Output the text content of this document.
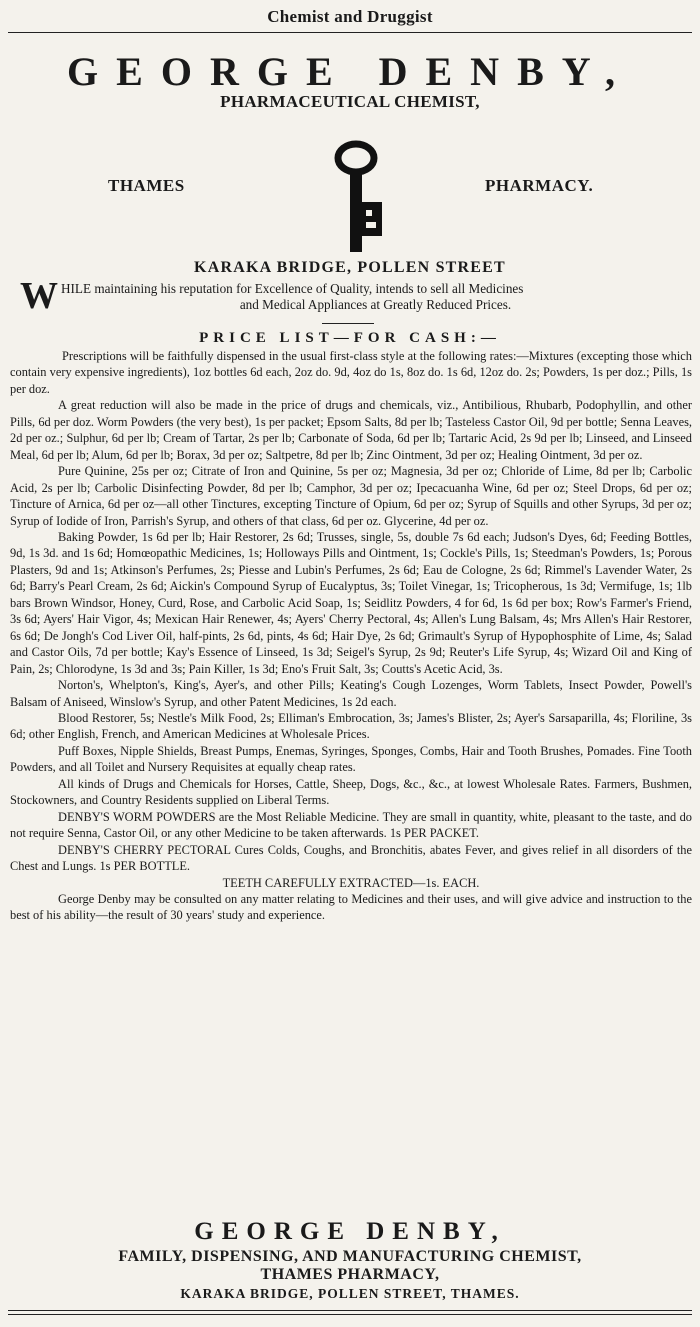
Chemist and Druggist
GEORGE DENBY,
PHARMACEUTICAL CHEMIST,
THAMES	PHARMACY.
KARAKA BRIDGE, POLLEN STREET
W HILE maintaining his reputation for Excellence of Quality, intends to sell all Medicines
and Medical Appliances at Greatly Reduced Prices.
PRICE LIST—FOR CASH:—

Prescriptions will be faithfully dispensed in the usual first-class style at the following rates:—Mixtures (excepting those which contain very expensive ingredients), 1oz bottles 6d each, 2oz do. 9d, 4oz do 1s, 8oz do. 1s 6d, 12oz do. 2s; Powders, 1s per doz.; Pills, 1s per doz.

A great reduction will also be made in the price of drugs and chemicals, viz., Antibilious, Rhubarb, Podophyllin, and other Pills, 6d per doz. Worm Powders (the very best), 1s per packet; Epsom Salts, 8d per lb; Tasteless Castor Oil, 9d per bottle; Senna Leaves, 2d per oz.; Sulphur, 6d per lb; Cream of Tartar, 2s per lb; Carbonate of Soda, 6d per lb; Tartaric Acid, 2s 9d per lb; Linseed, and Linseed Meal, 6d per lb; Alum, 6d per lb; Borax, 3d per oz; Saltpetre, 8d per lb; Zinc Ointment, 3d per oz; Healing Ointment, 3d per oz.

Pure Quinine, 25s per oz; Citrate of Iron and Quinine, 5s per oz; Magnesia, 3d per oz; Chloride of Lime, 8d per lb; Carbolic Acid, 2s per lb; Carbolic Disinfecting Powder, 8d per lb; Camphor, 3d per oz; Ipecacuanha Wine, 6d per oz; Steel Drops, 6d per oz; Tincture of Arnica, 6d per oz—all other Tinctures, excepting Tincture of Opium, 6d per oz; Syrup of Squills and other Syrups, 3d per oz; Syrup of Iodide of Iron, Parrish's Syrup, and others of that class, 6d per oz. Glycerine, 4d per oz.

Baking Powder, 1s 6d per lb; Hair Restorer, 2s 6d; Trusses, single, 5s, double 7s 6d each; Judson's Dyes, 6d; Feeding Bottles, 9d, 1s 3d. and 1s 6d; Homœopathic Medicines, 1s; Holloways Pills and Ointment, 1s; Cockle's Pills, 1s; Steedman's Powders, 1s; Porous Plasters, 9d and 1s; Atkinson's Perfumes, 2s; Piesse and Lubin's Perfumes, 2s 6d; Eau de Cologne, 2s 6d; Rimmel's Lavender Water, 2s 6d; Barry's Pearl Cream, 2s 6d; Aickin's Compound Syrup of Eucalyptus, 3s; Toilet Vinegar, 1s; Tricopherous, 1s 3d; Vermifuge, 1s; 1lb bars Brown Windsor, Honey, Curd, Rose, and Carbolic Acid Soap, 1s; Seidlitz Powders, 4 for 6d, 1s 6d per box; Row's Farmer's Friend, 3s 6d; Ayers' Hair Vigor, 4s; Mexican Hair Renewer, 4s; Ayers' Cherry Pectoral, 4s; Allen's Lung Balsam, 4s; Mrs Allen's Hair Restorer, 6s 6d; De Jongh's Cod Liver Oil, half-pints, 2s 6d, pints, 4s 6d; Hair Dye, 2s 6d; Grimault's Syrup of Hypophosphite of Lime, 4s; Salad and Castor Oils, 7d per bottle; Kay's Essence of Linseed, 1s 3d; Seigel's Syrup, 2s 9d; Reuter's Life Syrup, 4s; Wizard Oil and King of Pain, 2s; Chlorodyne, 1s 3d and 3s; Pain Killer, 1s 3d; Eno's Fruit Salt, 3s; Coutts's Acetic Acid, 3s.

Norton's, Whelpton's, King's, Ayer's, and other Pills; Keating's Cough Lozenges, Worm Tablets, Insect Powder, Powell's Balsam of Aniseed, Winslow's Syrup, and other Patent Medicines, 1s 2d each.

Blood Restorer, 5s; Nestle's Milk Food, 2s; Elliman's Embrocation, 3s; James's Blister, 2s; Ayer's Sarsaparilla, 4s; Floriline, 3s 6d; other English, French, and American Medicines at Wholesale Prices.

Puff Boxes, Nipple Shields, Breast Pumps, Enemas, Syringes, Sponges, Combs, Hair and Tooth Brushes, Pomades. Fine Tooth Powders, and all Toilet and Nursery Requisites at equally cheap rates.

All kinds of Drugs and Chemicals for Horses, Cattle, Sheep, Dogs, &c., &c., at lowest Wholesale Rates. Farmers, Bushmen, Stockowners, and Country Residents supplied on Liberal Terms.

DENBY'S WORM POWDERS are the Most Reliable Medicine. They are small in quantity, white, pleasant to the taste, and do not require Senna, Castor Oil, or any other Medicine to be taken afterwards. 1s PER PACKET.

DENBY'S CHERRY PECTORAL Cures Colds, Coughs, and Bronchitis, abates Fever, and gives relief in all disorders of the Chest and Lungs. 1s PER BOTTLE.

TEETH CAREFULLY EXTRACTED—1s. EACH.

George Denby may be consulted on any matter relating to Medicines and their uses, and will give advice and instruction to the best of his ability—the result of 30 years' study and experience.

GEORGE DENBY,
FAMILY, DISPENSING, AND MANUFACTURING CHEMIST,
THAMES PHARMACY,
KARAKA BRIDGE, POLLEN STREET, THAMES.
